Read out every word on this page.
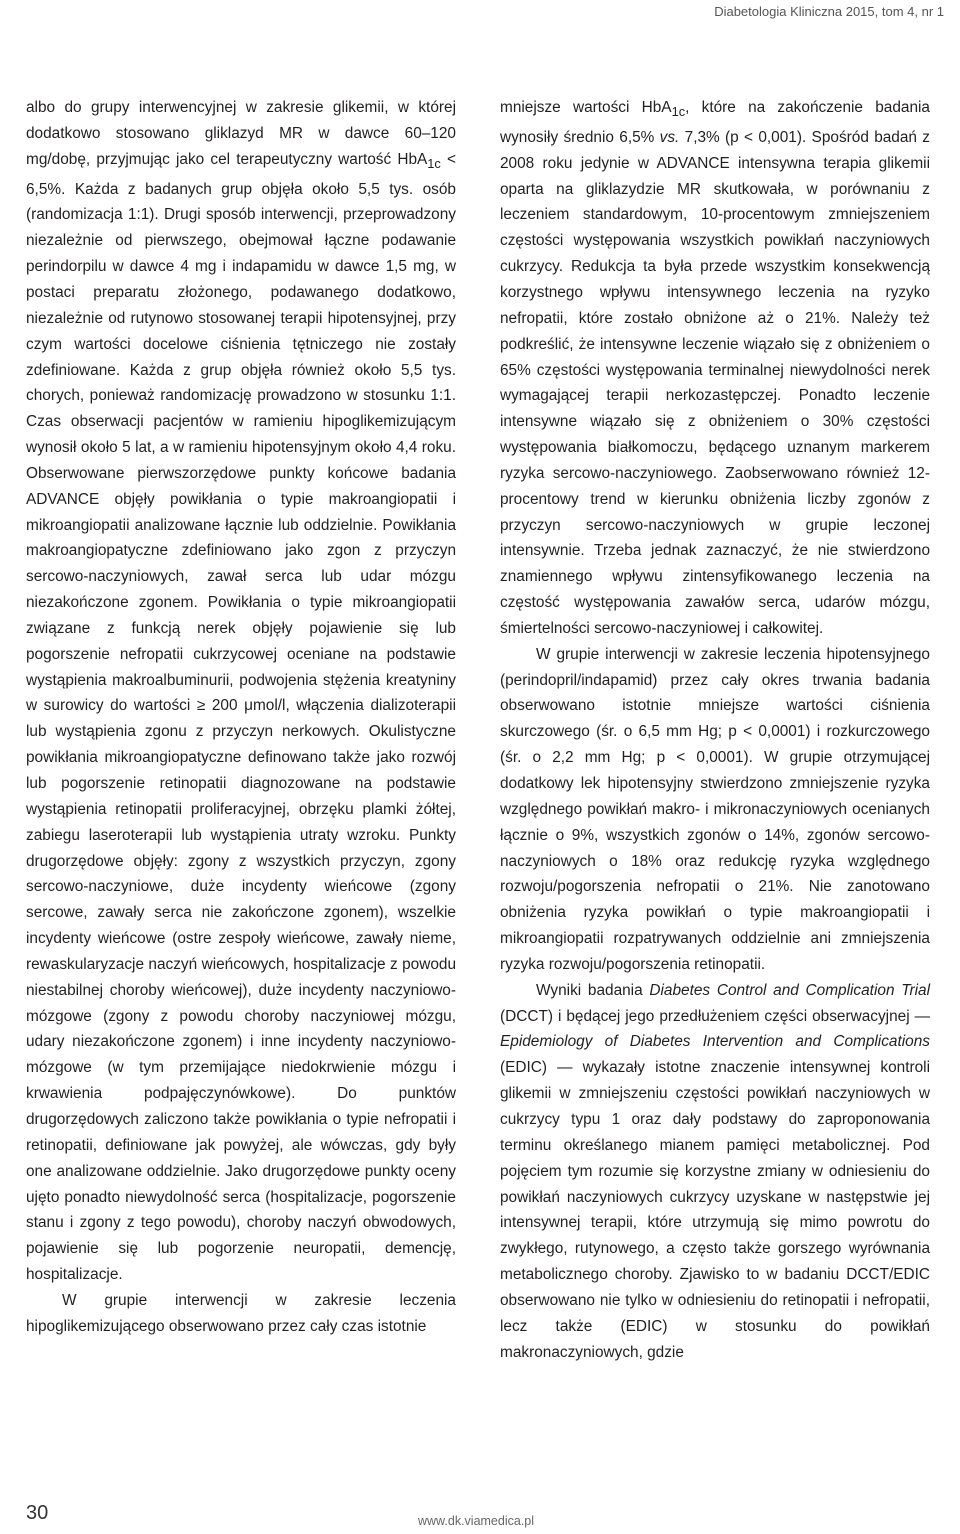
Diabetologia Kliniczna 2015, tom 4, nr 1

albo do grupy interwencyjnej w zakresie glikemii, w której dodatkowo stosowano gliklazyd MR w dawce 60–120 mg/dobę, przyjmując jako cel terapeutyczny wartość HbA$_{1c}$ < 6,5%. Każda z badanych grup objęła około 5,5 tys. osób (randomizacja 1:1). Drugi sposób interwencji, przeprowadzony niezależnie od pierwszego, obejmował łączne podawanie perindorpilu w dawce 4 mg i indapamidu w dawce 1,5 mg, w postaci preparatu złożonego, podawanego dodatkowo, niezależnie od rutynowo stosowanej terapii hipotensyjnej, przy czym wartości docelowe ciśnienia tętniczego nie zostały zdefiniowane. Każda z grup objęła również około 5,5 tys. chorych, ponieważ randomizację prowadzono w stosunku 1:1. Czas obserwacji pacjentów w ramieniu hipoglikemizującym wynosił około 5 lat, a w ramieniu hipotensyjnym około 4,4 roku. Obserwowane pierwszorzędowe punkty końcowe badania ADVANCE objęły powikłania o typie makroangiopatii i mikroangiopatii analizowane łącznie lub oddzielnie. Powikłania makroangiopatyczne zdefiniowano jako zgon z przyczyn sercowo-naczyniowych, zawał serca lub udar mózgu niezakończone zgonem. Powikłania o typie mikroangiopatii związane z funkcją nerek objęły pojawienie się lub pogorszenie nefropatii cukrzycowej oceniane na podstawie wystąpienia makroalbuminurii, podwojenia stężenia kreatyniny w surowicy do wartości ≥ 200 μmol/l, włączenia dializoterapii lub wystąpienia zgonu z przyczyn nerkowych. Okulistyczne powikłania mikroangiopatyczne definowano także jako rozwój lub pogorszenie retinopatii diagnozowane na podstawie wystąpienia retinopatii proliferacyjnej, obrzęku plamki żółtej, zabiegu laseroterapii lub wystąpienia utraty wzroku. Punkty drugorzędowe objęły: zgony z wszystkich przyczyn, zgony sercowo-naczyniowe, duże incydenty wieńcowe (zgony sercowe, zawały serca nie zakończone zgonem), wszelkie incydenty wieńcowe (ostre zespoły wieńcowe, zawały nieme, rewaskularyzacje naczyń wieńcowych, hospitalizacje z powodu niestabilnej choroby wieńcowej), duże incydenty naczyniowo-mózgowe (zgony z powodu choroby naczyniowej mózgu, udary niezakończone zgonem) i inne incydenty naczyniowo-mózgowe (w tym przemijające niedokrwienie mózgu i krwawienia podpajęczynówkowe). Do punktów drugorzędowych zaliczono także powikłania o typie nefropatii i retinopatii, definiowane jak powyżej, ale wówczas, gdy były one analizowane oddzielnie. Jako drugorzędowe punkty oceny ujęto ponadto niewydolność serca (hospitalizacje, pogorszenie stanu i zgony z tego powodu), choroby naczyń obwodowych, pojawienie się lub pogorzenie neuropatii, demencję, hospitalizacje.

W grupie interwencji w zakresie leczenia hipoglikemizującego obserwowano przez cały czas istotnie

mniejsze wartości HbA$_{1c}$, które na zakończenie badania wynosiły średnio 6,5% vs. 7,3% (p < 0,001). Spośród badań z 2008 roku jedynie w ADVANCE intensywna terapia glikemii oparta na gliklazydzie MR skutkowała, w porównaniu z leczeniem standardowym, 10-procentowym zmniejszeniem częstości występowania wszystkich powikłań naczyniowych cukrzycy. Redukcja ta była przede wszystkim konsekwencją korzystnego wpływu intensywnego leczenia na ryzyko nefropatii, które zostało obniżone aż o 21%. Należy też podkreślić, że intensywne leczenie wiązało się z obniżeniem o 65% częstości występowania terminalnej niewydolności nerek wymagającej terapii nerkozastępczej. Ponadto leczenie intensywne wiązało się z obniżeniem o 30% częstości występowania białkomoczu, będącego uznanym markerem ryzyka sercowo-naczyniowego. Zaobserwowano również 12-procentowy trend w kierunku obniżenia liczby zgonów z przyczyn sercowo-naczyniowych w grupie leczonej intensywnie. Trzeba jednak zaznaczyć, że nie stwierdzono znamiennego wpływu zintensyfikowanego leczenia na częstość występowania zawałów serca, udarów mózgu, śmiertelności sercowo-naczyniowej i całkowitej.

W grupie interwencji w zakresie leczenia hipotensyjnego (perindopril/indapamid) przez cały okres trwania badania obserwowano istotnie mniejsze wartości ciśnienia skurczowego (śr. o 6,5 mm Hg; p < 0,0001) i rozkurczowego (śr. o 2,2 mm Hg; p < 0,0001). W grupie otrzymującej dodatkowy lek hipotensyjny stwierdzono zmniejszenie ryzyka względnego powikłań makro- i mikronaczyniowych ocenianych łącznie o 9%, wszystkich zgonów o 14%, zgonów sercowo-naczyniowych o 18% oraz redukcję ryzyka względnego rozwoju/pogorszenia nefropatii o 21%. Nie zanotowano obniżenia ryzyka powikłań o typie makroangiopatii i mikroangiopatii rozpatrywanych oddzielnie ani zmniejszenia ryzyka rozwoju/pogorszenia retinopatii.

Wyniki badania Diabetes Control and Complication Trial (DCCT) i będącej jego przedłużeniem części obserwacyjnej — Epidemiology of Diabetes Intervention and Complications (EDIC) — wykazały istotne znaczenie intensywnej kontroli glikemii w zmniejszeniu częstości powikłań naczyniowych w cukrzycy typu 1 oraz dały podstawy do zaproponowania terminu określanego mianem pamięci metabolicznej. Pod pojęciem tym rozumie się korzystne zmiany w odniesieniu do powikłań naczyniowych cukrzycy uzyskane w następstwie jej intensywnej terapii, które utrzymują się mimo powrotu do zwykłego, rutynowego, a często także gorszego wyrównania metabolicznego choroby. Zjawisko to w badaniu DCCT/EDIC obserwowano nie tylko w odniesieniu do retinopatii i nefropatii, lecz także (EDIC) w stosunku do powikłań makronaczyniowych, gdzie

30	www.dk.viamedica.pl
